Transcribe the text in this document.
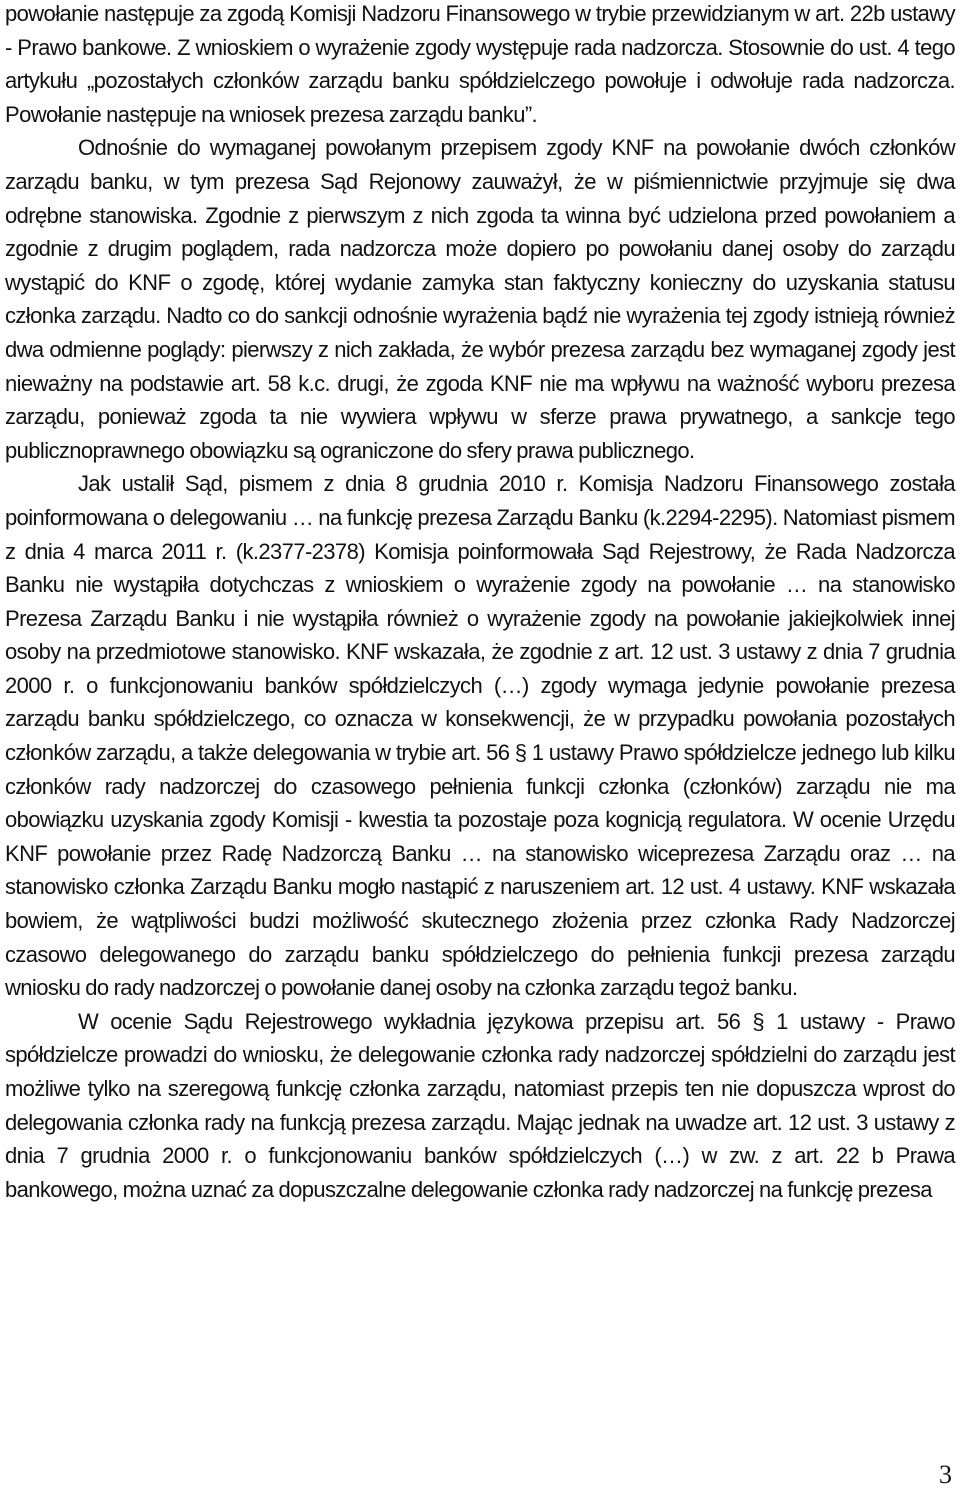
powołanie następuje za zgodą Komisji Nadzoru Finansowego w trybie przewidzianym w art. 22b ustawy - Prawo bankowe. Z wnioskiem o wyrażenie zgody występuje rada nadzorcza. Stosownie do ust. 4 tego artykułu „pozostałych członków zarządu banku spółdzielczego powołuje i odwołuje rada nadzorcza. Powołanie następuje na wniosek prezesa zarządu banku”.

Odnośnie do wymaganej powołanym przepisem zgody KNF na powołanie dwóch członków zarządu banku, w tym prezesa Sąd Rejonowy zauważył, że w piśmiennictwie przyjmuje się dwa odrębne stanowiska. Zgodnie z pierwszym z nich zgoda ta winna być udzielona przed powołaniem a zgodnie z drugim poglądem, rada nadzorcza może dopiero po powołaniu danej osoby do zarządu wystąpić do KNF o zgodę, której wydanie zamyka stan faktyczny konieczny do uzyskania statusu członka zarządu. Nadto co do sankcji odnośnie wyrażenia bądź nie wyrażenia tej zgody istnieją również dwa odmienne poglądy: pierwszy z nich zakłada, że wybór prezesa zarządu bez wymaganej zgody jest nieważny na podstawie art. 58 k.c. drugi, że zgoda KNF nie ma wpływu na ważność wyboru prezesa zarządu, ponieważ zgoda ta nie wywiera wpływu w sferze prawa prywatnego, a sankcje tego publicznoprawnego obowiązku są ograniczone do sfery prawa publicznego.

Jak ustalił Sąd, pismem z dnia 8 grudnia 2010 r. Komisja Nadzoru Finansowego została poinformowana o delegowaniu … na funkcję prezesa Zarządu Banku (k.2294-2295). Natomiast pismem z dnia 4 marca 2011 r. (k.2377-2378) Komisja poinformowała Sąd Rejestrowy, że Rada Nadzorcza Banku nie wystąpiła dotychczas z wnioskiem o wyrażenie zgody na powołanie … na stanowisko Prezesa Zarządu Banku i nie wystąpiła również o wyrażenie zgody na powołanie jakiejkolwiek innej osoby na przedmiotowe stanowisko. KNF wskazała, że zgodnie z art. 12 ust. 3 ustawy z dnia 7 grudnia 2000 r. o funkcjonowaniu banków spółdzielczych (…) zgody wymaga jedynie powołanie prezesa zarządu banku spółdzielczego, co oznacza w konsekwencji, że w przypadku powołania pozostałych członków zarządu, a także delegowania w trybie art. 56 § 1 ustawy Prawo spółdzielcze jednego lub kilku członków rady nadzorczej do czasowego pełnienia funkcji członka (członków) zarządu nie ma obowiązku uzyskania zgody Komisji - kwestia ta pozostaje poza kognicją regulatora. W ocenie Urzędu KNF powołanie przez Radę Nadzorczą Banku … na stanowisko wiceprezesa Zarządu oraz … na stanowisko członka Zarządu Banku mogło nastąpić z naruszeniem art. 12 ust. 4 ustawy. KNF wskazała bowiem, że wątpliwości budzi możliwość skutecznego złożenia przez członka Rady Nadzorczej czasowo delegowanego do zarządu banku spółdzielczego do pełnienia funkcji prezesa zarządu wniosku do rady nadzorczej o powołanie danej osoby na członka zarządu tegoż banku.

W ocenie Sądu Rejestrowego wykładnia językowa przepisu art. 56 § 1 ustawy - Prawo spółdzielcze prowadzi do wniosku, że delegowanie członka rady nadzorczej spółdzielni do zarządu jest możliwe tylko na szeregową funkcję członka zarządu, natomiast przepis ten nie dopuszcza wprost do delegowania członka rady na funkcją prezesa zarządu. Mając jednak na uwadze art. 12 ust. 3 ustawy z dnia 7 grudnia 2000 r. o funkcjonowaniu banków spółdzielczych (…) w zw. z art. 22 b Prawa bankowego, można uznać za dopuszczalne delegowanie członka rady nadzorczej na funkcję prezesa

3
